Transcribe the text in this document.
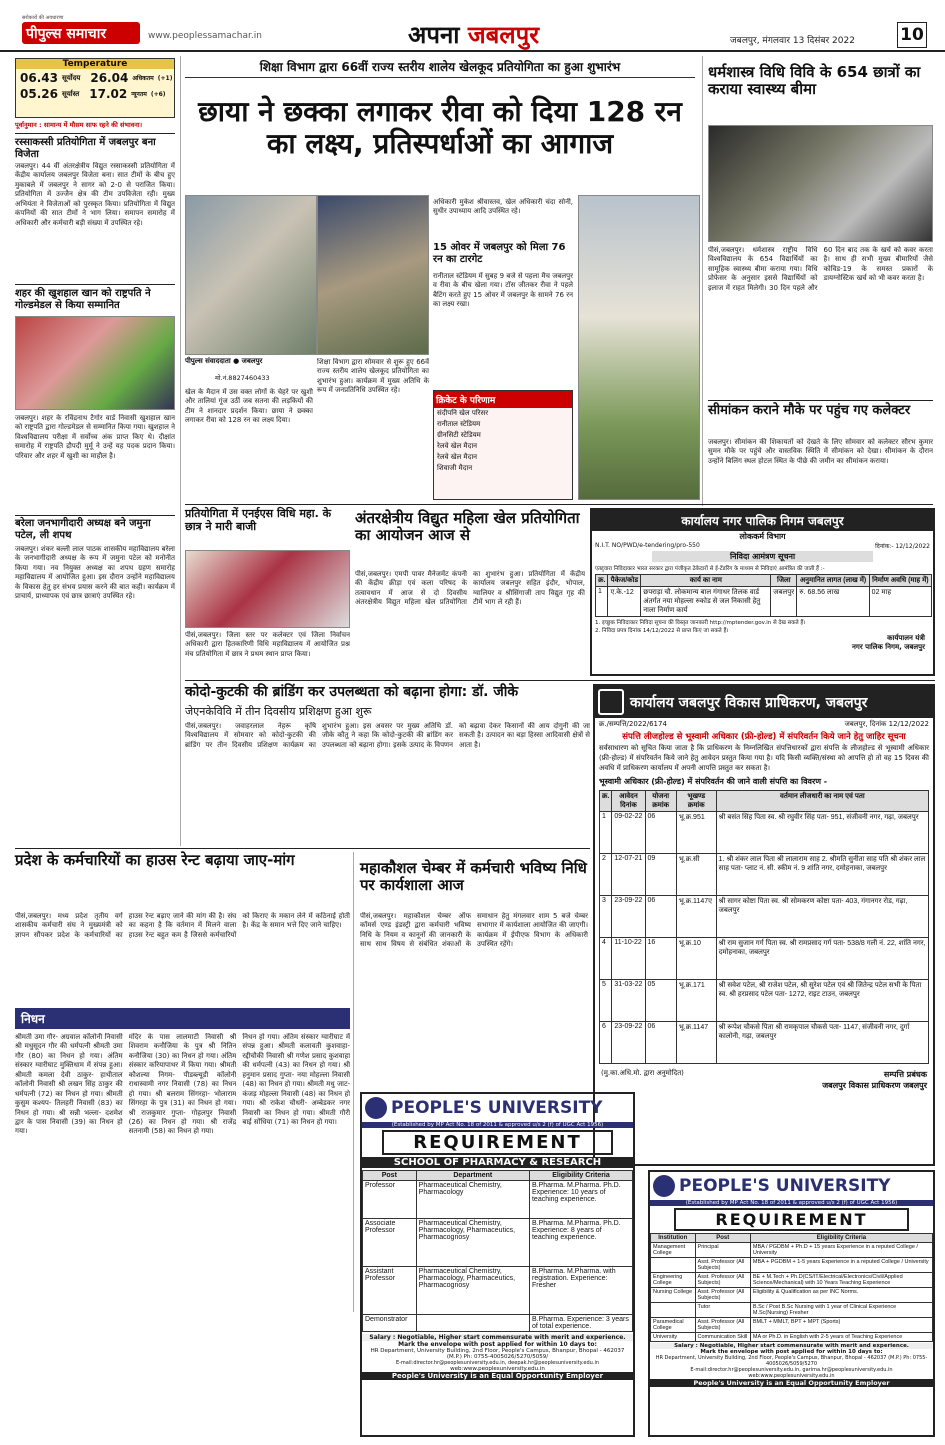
सरोकारों की अवधारणा
पीपुल्स समाचार	www.peoplessamachar.in	अपना जबलपुर	जबलपुर, मंगलवार 13 दिसंबर 2022	10
Temperature
06.43 सूर्योदय 26.04 अधिकतम (+1)
05.26 सूर्यास्त 17.02 न्यूनतम (+6)
पूर्वानुमान : सामान्य में मौसम साफ रहने की संभावना।
रस्साकस्सी प्रतियोगिता में जबलपुर बना विजेता
जबलपुर। 44 वीं अंतरक्षेत्रीय विद्युत रस्साकस्सी प्रतियोगिता में केंद्रीय कार्यालय जबलपुर विजेता बना। सात टीमों के बीच हुए मुकाबले में जबलपुर ने सागर को 2-0 से पराजित किया। प्रतियोगिता में उज्जैन क्षेत्र की टीम उपविजेता रही। मुख्य अभियंता ने विजेताओं को पुरस्कृत किया। प्रतियोगिता में विद्युत कंपनियों की सात टीमों ने भाग लिया। समापन समारोह में अधिकारी और कर्मचारी बड़ी संख्या में उपस्थित रहे।
शहर की खुशहाल खान को राष्ट्रपति ने गोल्डमेडल से किया सम्मानित
जबलपुर। शहर के रविंद्रनाथ टैगोर वार्ड निवासी खुशहाल खान को राष्ट्रपति द्वारा गोल्डमेडल से सम्मानित किया गया। खुशहाल ने विश्वविद्यालय परीक्षा में सर्वोच्च अंक प्राप्त किए थे। दीक्षांत समारोह में राष्ट्रपति द्रौपदी मुर्मू ने उन्हें यह पदक प्रदान किया। परिवार और शहर में खुशी का माहौल है।
बरेला जनभागीदारी अध्यक्ष बने जमुना पटेल, ली शपथ
जबलपुर। शंकर बल्ली लाल पाठक शासकीय महाविद्यालय बरेला के जनभागीदारी अध्यक्ष के रूप में जमुना पटेल को मनोनीत किया गया। नव नियुक्त अध्यक्ष का शपथ ग्रहण समारोह महाविद्यालय में आयोजित हुआ। इस दौरान उन्होंने महाविद्यालय के विकास हेतु हर संभव प्रयास करने की बात कही। कार्यक्रम में प्राचार्य, प्राध्यापक एवं छात्र छात्राएं उपस्थित रहे।
शिक्षा विभाग द्वारा 66वीं राज्य स्तरीय शालेय खेलकूद प्रतियोगिता का हुआ शुभारंभ
छाया ने छक्का लगाकर रीवा को दिया 128 रन का लक्ष्य, प्रतिस्पर्धाओं का आगाज
पीपुल्स संवाददाता ● जबलपुर
मो.नं.8827460433
खेल के मैदान में उस वक्त लोगों के चेहरे पर खुशी और तालियां गूंज उठीं जब सतना की लड़कियों की टीम ने शानदार प्रदर्शन किया। छाया ने छक्का लगाकर रीवा को 128 रन का लक्ष्य दिया।
शिक्षा विभाग द्वारा सोमवार से शुरू हुए 66वें राज्य स्तरीय शालेय खेलकूद प्रतियोगिता का शुभारंभ हुआ। कार्यक्रम में मुख्य अतिथि के रूप में जनप्रतिनिधि उपस्थित रहे।
अधिकारी मुकेश श्रीवास्तव, खेल अधिकारी चंदा सोनी, सुधीर उपाध्याय आदि उपस्थित रहे।
15 ओवर में जबलपुर को मिला 76 रन का टारगेट
रानीताल स्टेडियम में सुबह 9 बजे से पहला मैच जबलपुर व रीवा के बीच खेला गया। टॉस जीतकर रीवा ने पहले बैटिंग करते हुए 15 ओवर में जबलपुर के सामने 76 रन का लक्ष्य रखा।
क्रिकेट के परिणाम
संदीपनि खेल परिसर
रानीताल स्टेडियम
ग्रीनसिटी स्टेडियम
रेलवे खेल मैदान
रेलवे खेल मैदान
शिवाजी मैदान
धर्मशास्त्र विधि विवि के 654 छात्रों का कराया स्वास्थ्य बीमा
पीसं,जबलपुर। धर्मशास्त्र राष्ट्रीय विधि विश्वविद्यालय के 654 विद्यार्थियों का सामूहिक स्वास्थ्य बीमा कराया गया। विधि प्रोफेसर के अनुसार इससे विद्यार्थियों को इलाज में राहत मिलेगी। 30 दिन पहले और 60 दिन बाद तक के खर्च को कवर करता है। साथ ही सभी मुख्य बीमारियों जैसे कोविड-19 के समस्त प्रकारों के डायग्नोस्टिक खर्च को भी कवर करता है।
सीमांकन कराने मौके पर पहुंच गए कलेक्टर
जबलपुर। सीमांकन की शिकायतों को देखते के लिए सोमवार को कलेक्टर सौरभ कुमार सुमन मौके पर पहुंचे और वास्तविक स्थिति में सीमांकन को देखा। सीमांकन के दौरान उन्होंने बिलिंग स्थल होटल स्थित के पीछे की जमीन का सीमांकन कराया।
प्रतियोगिता में एनईएस विधि महा. के छात्र ने मारी बाजी
पीसं,जबलपुर। जिला स्तर पर कलेक्टर एवं जिला निर्वाचन अधिकारी द्वारा हितकारिणी विधि महाविद्यालय में आयोजित प्रश्न मंच प्रतियोगिता में छात्र ने प्रथम स्थान प्राप्त किया।
अंतरक्षेत्रीय विद्युत महिला खेल प्रतियोगिता का आयोजन आज से
पीसं,जबलपुर। एमपी पावर मैनेजमेंट कंपनी की केंद्रीय क्रीड़ा एवं कला परिषद के तत्वावधान में आज से दो दिवसीय अंतरक्षेत्रीय विद्युत महिला खेल प्रतियोगिता का शुभारंभ हुआ। प्रतियोगिता में केंद्रीय कार्यालय जबलपुर सहित इंदौर, भोपाल, ग्वालियर व श्रीसिंगाजी ताप विद्युत गृह की टीमें भाग ले रही हैं।
कार्यालय नगर पालिक निगम जबलपुर
लोककर्म विभाग
N.I.T. NO/PWD/e-tendering/pro-550	दिनांक:- 12/12/2022
निविदा आमंत्रण सूचना
एतद्द्वारा निविदाकार भारत सरकार द्वारा पंजीकृत ठेकेदारों से ई-टेंडरिंग के माध्यम से निविदाएं आमंत्रित की जाती हैं :-
क्र.	पैकेज/कोड	कार्य का नाम	जिला	अनुमानित लागत (लाख में)	निर्माण अवधि (माह में)
1	ए.के.-12	छपराड़ा चौ. लोकमान्य बाल गंगाधर तिलक वार्ड अंतर्गत नया मोहल्ला रुकोड से जल निकासी हेतु नाला निर्माण कार्य	जबलपुर	रु. 68.56 लाख	02 माह
1. इच्छुक निविदाकार निविदा सूचना की विस्तृत जानकारी http://mptender.gov.in से देख सकते हैं।
2. निविदा प्रपत्र दिनांक 14/12/2022 से प्राप्त किए जा सकते हैं।
कार्यपालन यंत्री
नगर पालिक निगम, जबलपुर
कोदो-कुटकी की ब्रांडिंग कर उपलब्धता को बढ़ाना होगा: डॉ. जीके
जेएनकेविवि में तीन दिवसीय प्रशिक्षण हुआ शुरू
पीसं,जबलपुर। जवाहरलाल नेहरू कृषि विश्वविद्यालय में सोमवार को कोदो-कुटकी की ब्रांडिंग पर तीन दिवसीय प्रशिक्षण कार्यक्रम का शुभारंभ हुआ। इस अवसर पर मुख्य अतिथि डॉ. जीके कौतु ने कहा कि कोदो-कुटकी की ब्रांडिंग कर उपलब्धता को बढ़ाना होगा। इसके उत्पाद के विपणन को बढ़ावा देकर किसानों की आय दोगुनी की जा सकती है। उत्पादन का बड़ा हिस्सा आदिवासी क्षेत्रों से आता है।
कार्यालय जबलपुर विकास प्राधिकरण, जबलपुर
क्र./सम्पत्ति/2022/6174	जबलपुर, दिनांक 12/12/2022
संपत्ति लीजहोल्ड से भूस्वामी अधिकार (फ्री-होल्ड) में संपरिवर्तन किये जाने हेतु जाहिर सूचना
सर्वसाधारण को सूचित किया जाता है कि प्राधिकरण के निम्नलिखित संपत्तिधारकों द्वारा संपत्ति के लीजहोल्ड से भूस्वामी अधिकार (फ्री-होल्ड) में संपरिवर्तन किये जाने हेतु आवेदन प्रस्तुत किया गया है। यदि किसी व्यक्ति/संस्था को आपत्ति हो तो वह 15 दिवस की अवधि में प्राधिकरण कार्यालय में अपनी आपत्ति प्रस्तुत कर सकता है।
भूस्वामी अधिकार (फ्री-होल्ड) में संपरिवर्तन की जाने वाली संपत्ति का विवरण -
क्र.	आवेदन दिनांक	योजना क्रमांक	भूखण्ड क्रमांक	वर्तमान लीजधारी का नाम एवं पता
1	09-02-22	06	भू.क्र.951	श्री बसंत सिंह पिता स्व. श्री रघुवीर सिंह पता- 951, संजीवनी नगर, गढ़ा, जबलपुर
2	12-07-21	09	भू.क्र.सी	1. श्री शंकर लाल पिता श्री लालाराम साह 2. श्रीमति सुनीता साह पति श्री शंकर लाल साह पता- प्लाट नं. सी. स्कीम नं. 9 शांति नगर, दमोहनाका, जबलपुर
3	23-09-22	06	भू.क्र.1147ए	श्री सागर कोष्टा पिता स्व. श्री सोमकरण कोष्टा पता- 403, गंगानगर रोड, गढ़ा, जबलपुर
4	11-10-22	16	भू.क्र.10	श्री राम सुजान गर्ग पिता स्व. श्री रामप्रसाद गर्ग पता- 538/8 गली नं. 22, शांति नगर, दमोहनाका, जबलपुर
5	31-03-22	05	भू.क्र.171	श्री सवेश पटेल, श्री राजेश पटेल, श्री सुरेश पटेल एवं श्री जितेन्द्र पटेल सभी के पिता स्व. श्री हरप्रसाद पटेल पता- 1272, राइट टाउन, जबलपुर
6	23-09-22	06	भू.क्र.1147	श्री रूपेश चौकसे पिता श्री रामकृपाल चौकसे पता- 1147, संजीवनी नगर, दुर्गा कालोनी, गढ़ा, जबलपुर
(मु.का.अधि.मो. द्वारा अनुमोदित)	सम्पत्ति प्रबंधक
जबलपुर विकास प्राधिकरण जबलपुर
प्रदेश के कर्मचारियों का हाउस रेन्ट बढ़ाया जाए-मांग
पीसं,जबलपुर। मध्य प्रदेश तृतीय वर्ग शासकीय कर्मचारी संघ ने मुख्यमंत्री को ज्ञापन सौंपकर प्रदेश के कर्मचारियों का हाउस रेन्ट बढ़ाए जाने की मांग की है। संघ का कहना है कि वर्तमान में मिलने वाला हाउस रेन्ट बहुत कम है जिससे कर्मचारियों को किराए के मकान लेने में कठिनाई होती है। केंद्र के समान भत्ते दिए जाने चाहिए।
महाकौशल चेम्बर में कर्मचारी भविष्य निधि पर कार्यशाला आज
पीसं,जबलपुर। महाकौशल चेम्बर ऑफ कॉमर्स एण्ड इंडस्ट्री द्वारा कर्मचारी भविष्य निधि के नियम व कानूनों की जानकारी के साथ साथ विषय से संबंधित शंकाओं के समाधान हेतु मंगलवार शाम 5 बजे चेम्बर सभागार में कार्यशाला आयोजित की जाएगी। कार्यक्रम में ईपीएफ विभाग के अधिकारी उपस्थित रहेंगे।
निधन
श्रीमती उमा गौर- अग्रवाल कॉलोनी निवासी श्री मधुसूदन गौर की धर्मपत्नी श्रीमती उमा गौर (80) का निधन हो गया। अंतिम संस्कार ग्वारीघाट मुक्तिधाम में संपन्न हुआ। श्रीमती कमला देवी ठाकुर- हाथीताल कॉलोनी निवासी श्री लखन सिंह ठाकुर की धर्मपत्नी (72) का निधन हो गया। श्रीमती कुसुम कश्यप- तिलहरी निवासी (83) का निधन हो गया। श्री सन्नी भल्ला- दशमेश द्वार के पास निवासी (39) का निधन हो गया।
मंदिर के पास लालमाटी निवासी श्री शिवराम कनौजिया के पुत्र श्री नितिन कनौजिया (30) का निधन हो गया। अंतिम संस्कार करियापाथर में किया गया। श्रीमती कौशल्या निगम- पीडब्ल्यूडी कॉलोनी राधास्वामी नगर निवासी (78) का निधन हो गया। श्री बलराम सिंगरहा- भोलाराम सिंगरहा के पुत्र (31) का निधन हो गया। श्री राजकुमार गुप्ता- गोहलपुर निवासी (26) का निधन हो गया। श्री राजेंद्र सतनामी (58) का निधन हो गया।
निधन हो गया। अंतिम संस्कार ग्वारीघाट में संपन्न हुआ। श्रीमती कलावती कुशवाहा- रद्दीचौकी निवासी श्री गणेश प्रसाद कुशवाहा की धर्मपत्नी (43) का निधन हो गया। श्री हनुमान प्रसाद गुप्ता- नया मोहल्ला निवासी (48) का निधन हो गया। श्रीमती मधु जाट- कंजड़ मोहल्ला निवासी (48) का निधन हो गया। श्री राकेश चौधरी- अम्बेडकर नगर निवासी का निधन हो गया। श्रीमती गौरी बाई सोंधिया (71) का निधन हो गया।
PEOPLE'S UNIVERSITY
(Established by MP Act No. 18 of 2011 & approved u/s 2 (f) of UGC Act 1956)
REQUIREMENT
SCHOOL OF PHARMACY & RESEARCH
Post	Department	Eligibility Criteria
Professor	Pharmaceutical Chemistry, Pharmacology	B.Pharma. M.Pharma. Ph.D. Experience: 10 years of teaching experience.
Associate Professor	Pharmaceutical Chemistry, Pharmacology, Pharmaceutics, Pharmacognosy	B.Pharma. M.Pharma. Ph.D. Experience: 8 years of teaching experience.
Assistant Professor	Pharmaceutical Chemistry, Pharmacology, Pharmaceutics, Pharmacognosy	B.Pharma. M.Pharma. with registration. Experience: Fresher
Demonstrator		B.Pharma. Experience: 3 years of total experience.
Salary : Negotiable, Higher start commensurate with merit and experience.
Mark the envelope with post applied for within 10 days to:
HR Department, University Building, 2nd Floor, People's Campus, Bhanpur, Bhopal - 462037 (M.P.) Ph: 0755-4005026/5270/5059/
E-mail:director.hr@peoplesuniversity.edu.in, deepak.hr@peoplesuniversity.edu.in
web:www.peoplesuniversity.edu.in
People's University is an Equal Opportunity Employer
PEOPLE'S UNIVERSITY
(Established by MP Act No. 18 of 2011 & approved u/s 2 (f) of UGC Act 1956)
REQUIREMENT
Institution	Post	Eligibility Criteria
Management College	Principal	MBA / PGDBM + Ph.D + 15 years Experience in a reputed College / University
	Asst. Professor (All Subjects)	MBA + PGDBM + 1-5 years Experience in a reputed College / University
Engineering College	Asst. Professor (All Subjects)	BE + M.Tech + Ph.D(CS/IT/Electrical/Electronics/Civil/Applied Science/Mechanical) with 10 Years Teaching Experience
Nursing College	Asst. Professor (All Subjects)	Eligibility & Qualification as per INC Norms.
	Tutor	B.Sc / Post B.Sc Nursing with 1 year of Clinical Experience M.Sc(Nursing) Fresher
Paramedical College	Asst. Professor (All Subjects)	BMLT + MMLT, BPT + MPT (Sports)
University	Communication Skill	MA or Ph.D. in English with 2-5 years of Teaching Experience
Salary : Negotiable, Higher start commensurate with merit and experience.
Mark the envelope with post applied for within 10 days to:
HR Department, University Building, 2nd Floor, People's Campus, Bhanpur, Bhopal - 462037 (M.P.) Ph: 0755-4005026/5059/5270
E-mail:director.hr@peoplesuniversity.edu.in, garima.hr@peoplesuniversity.edu.in
web:www.peoplesuniversity.edu.in
People's University is an Equal Opportunity Employer
